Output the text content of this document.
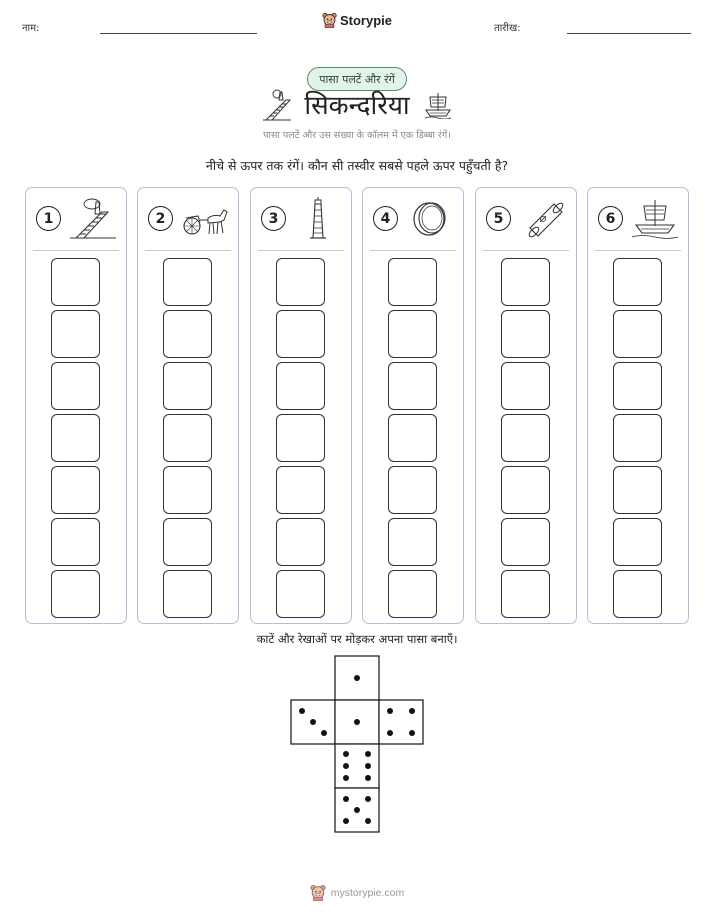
नाम:
Storypie
तारीख:
पासा पलटें और रंगें
सिकन्दरिया
पासा पलटें और उस संख्या के कॉलम में एक डिब्बा रंगें।
नीचे से ऊपर तक रंगें। कौन सी तस्वीर सबसे पहले ऊपर पहुँचती है?
1	2	3	4	5	6
काटें और रेखाओं पर मोड़कर अपना पासा बनाएँ।
mystorypie.com
